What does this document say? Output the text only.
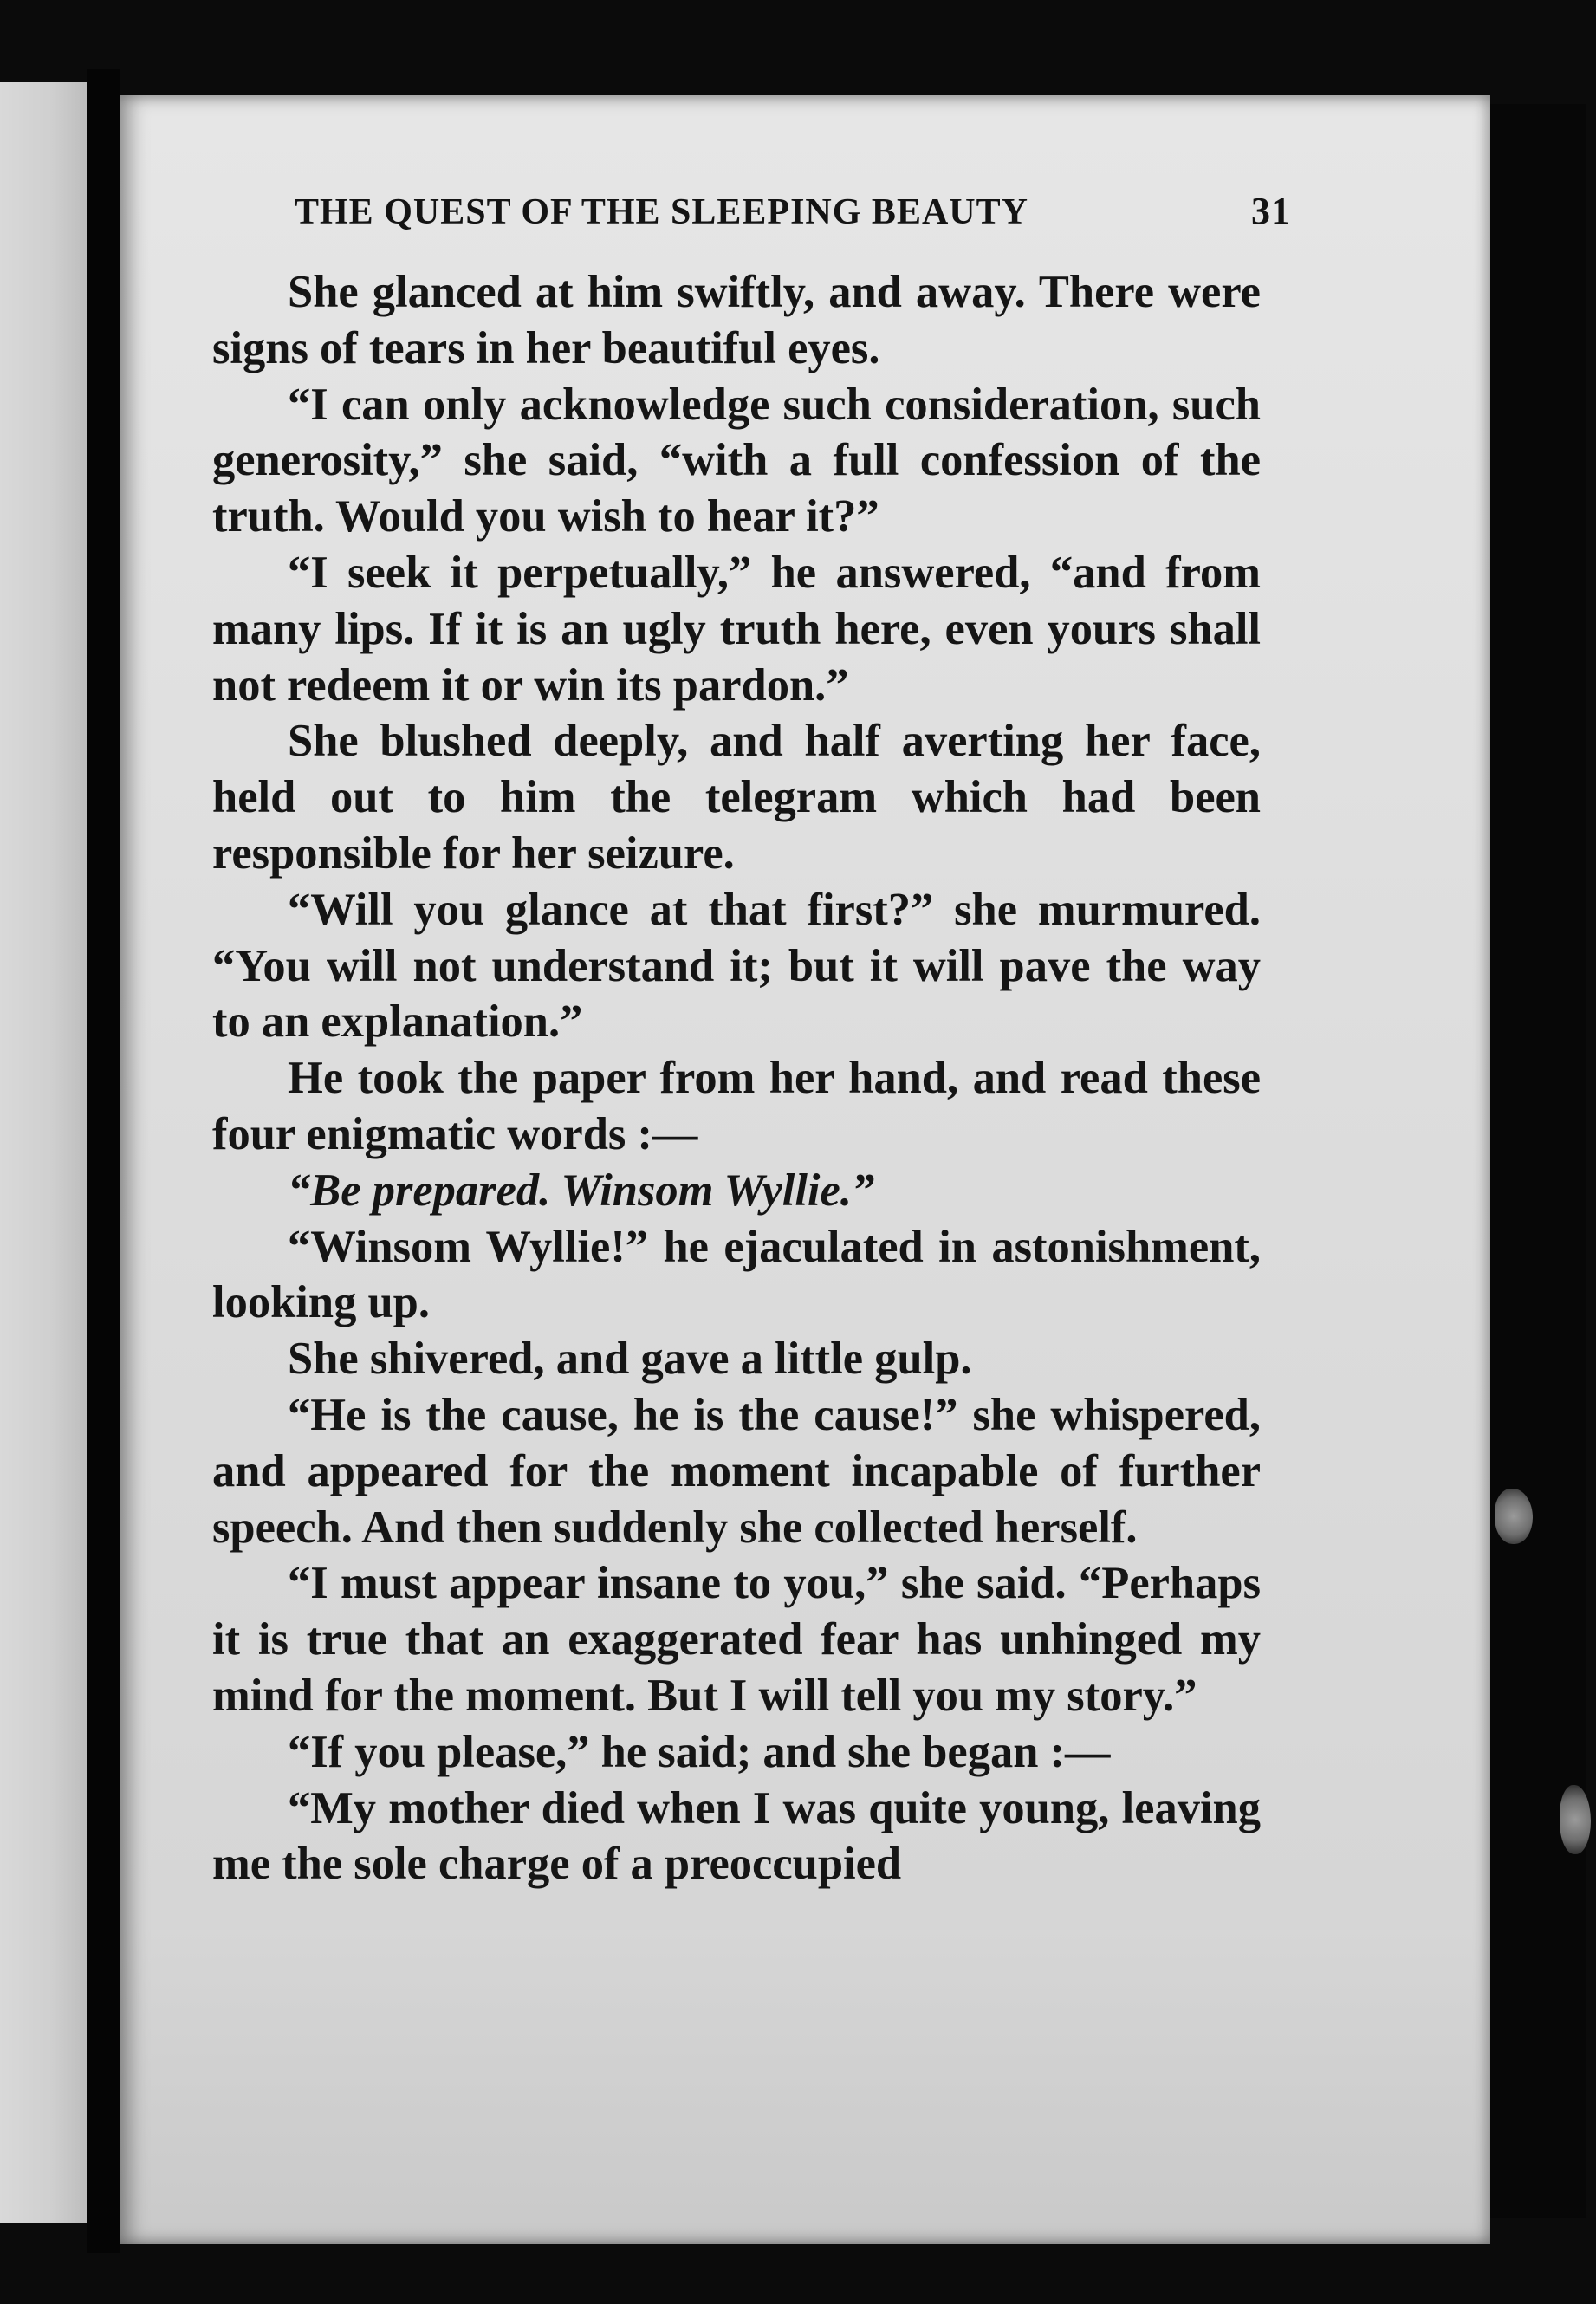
THE QUEST OF THE SLEEPING BEAUTY	31

She glanced at him swiftly, and away. There were signs of tears in her beautiful eyes.

“I can only acknowledge such consideration, such generosity,” she said, “with a full confession of the truth. Would you wish to hear it?”

“I seek it perpetually,” he answered, “and from many lips. If it is an ugly truth here, even yours shall not redeem it or win its pardon.”

She blushed deeply, and half averting her face, held out to him the telegram which had been responsible for her seizure.

“Will you glance at that first?” she murmured. “You will not understand it; but it will pave the way to an explanation.”

He took the paper from her hand, and read these four enigmatic words :—

“Be prepared. Winsom Wyllie.”

“Winsom Wyllie!” he ejaculated in astonishment, looking up.

She shivered, and gave a little gulp.

“He is the cause, he is the cause!” she whispered, and appeared for the moment incapable of further speech. And then suddenly she collected herself.

“I must appear insane to you,” she said. “Perhaps it is true that an exaggerated fear has unhinged my mind for the moment. But I will tell you my story.”

“If you please,” he said; and she began :—

“My mother died when I was quite young, leaving me the sole charge of a preoccupied
